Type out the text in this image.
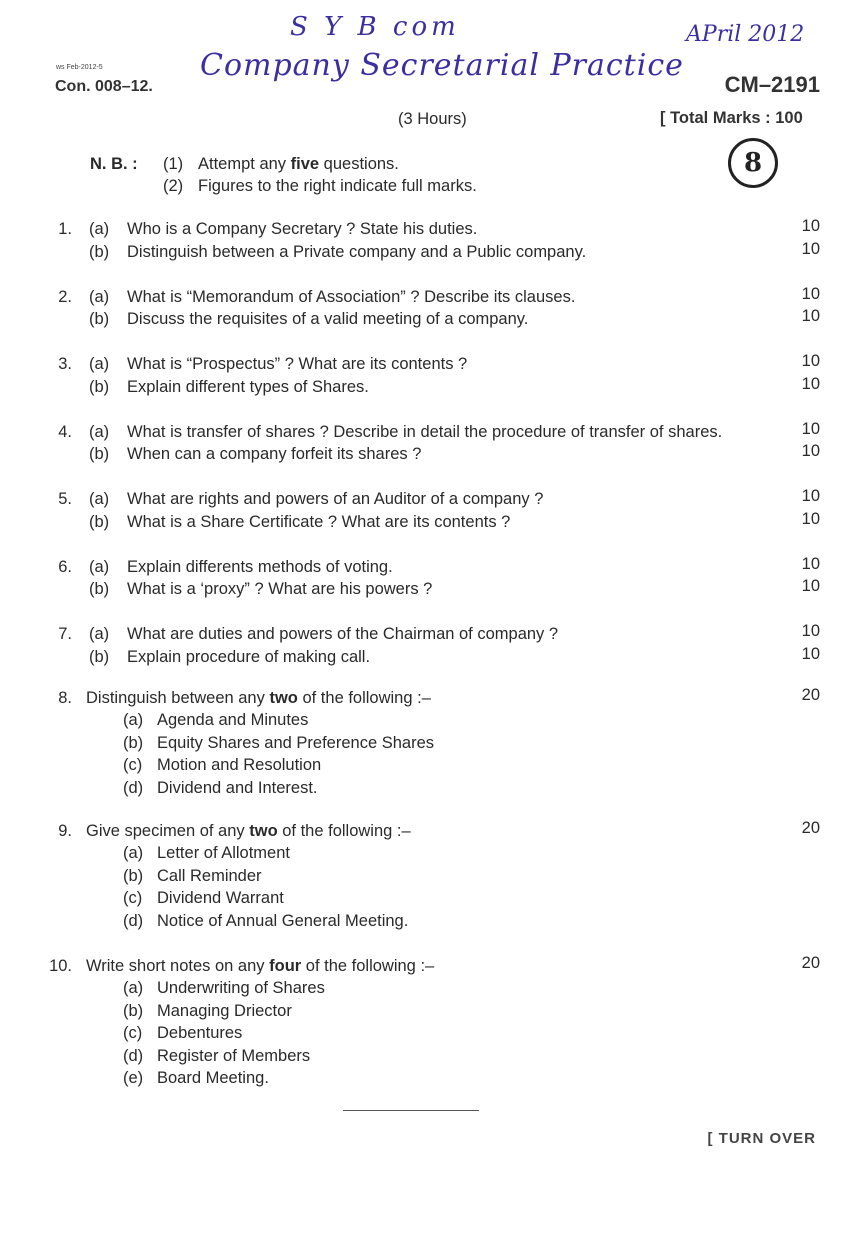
S Y B com	APril 2012
Company Secretarial Practice
8
ws Feb-2012-5
Con. 008–12.	CM–2191
(3 Hours)	[ Total Marks : 100
N. B. : (1) Attempt any five questions.
(2) Figures to the right indicate full marks.
1. (a) Who is a Company Secretary ? State his duties.	10
(b) Distinguish between a Private company and a Public company.	10
2. (a) What is “Memorandum of Association” ? Describe its clauses.	10
(b) Discuss the requisites of a valid meeting of a company.	10
3. (a) What is “Prospectus” ? What are its contents ?	10
(b) Explain different types of Shares.	10
4. (a) What is transfer of shares ? Describe in detail the procedure of transfer of shares.	10
(b) When can a company forfeit its shares ?	10
5. (a) What are rights and powers of an Auditor of a company ?	10
(b) What is a Share Certificate ? What are its contents ?	10
6. (a) Explain differents methods of voting.	10
(b) What is a ‘proxy” ? What are his powers ?	10
7. (a) What are duties and powers of the Chairman of company ?	10
(b) Explain procedure of making call.	10
8. Distinguish between any two of the following :–	20
(a) Agenda and Minutes
(b) Equity Shares and Preference Shares
(c) Motion and Resolution
(d) Dividend and Interest.
9. Give specimen of any two of the following :–	20
(a) Letter of Allotment
(b) Call Reminder
(c) Dividend Warrant
(d) Notice of Annual General Meeting.
10. Write short notes on any four of the following :–	20
(a) Underwriting of Shares
(b) Managing Driector
(c) Debentures
(d) Register of Members
(e) Board Meeting.
[ TURN OVER
